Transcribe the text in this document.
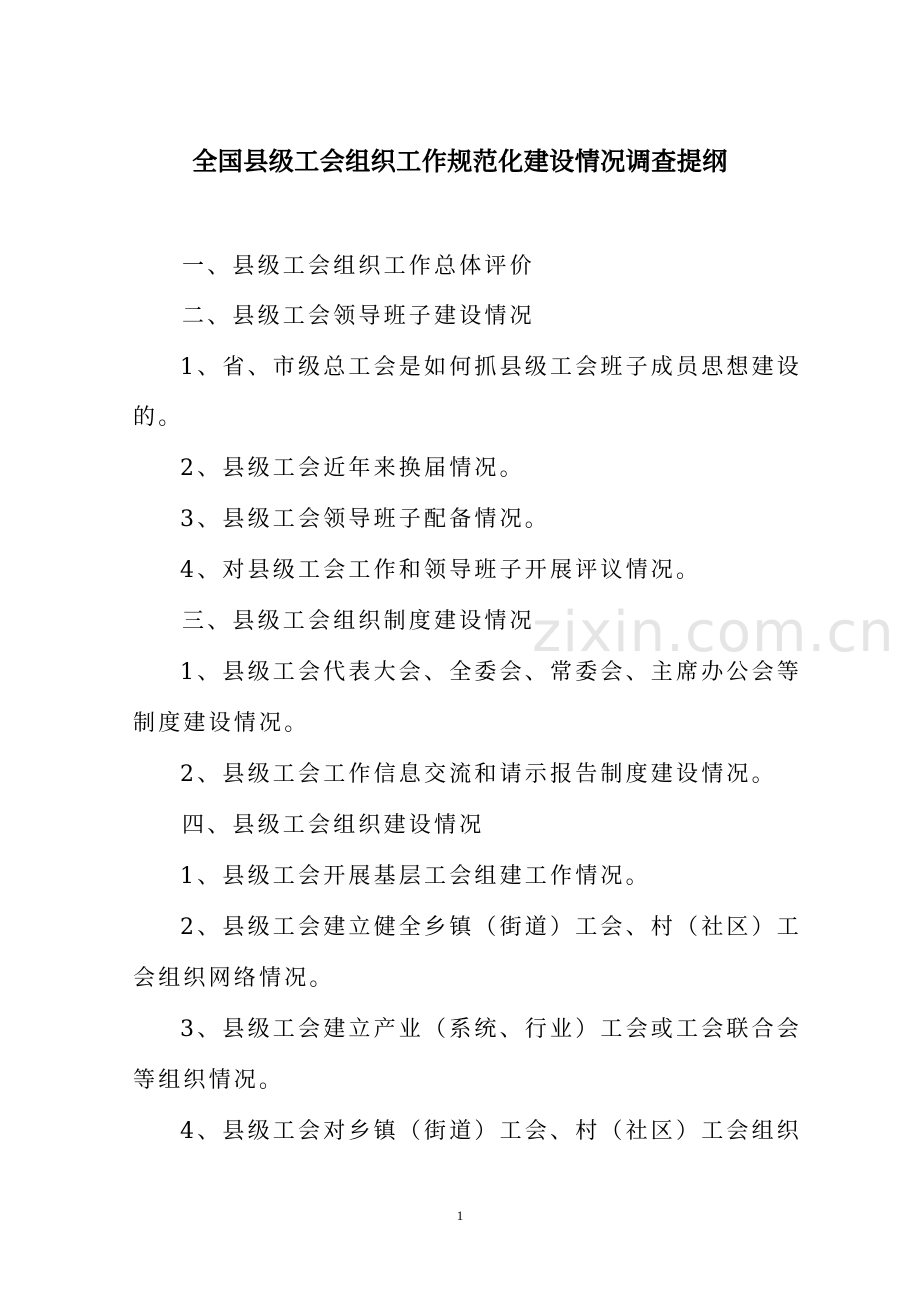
全国县级工会组织工作规范化建设情况调查提纲
一、县级工会组织工作总体评价
二、县级工会领导班子建设情况
1、省、市级总工会是如何抓县级工会班子成员思想建设
的。
2、县级工会近年来换届情况。
3、县级工会领导班子配备情况。
4、对县级工会工作和领导班子开展评议情况。
三、县级工会组织制度建设情况
1、县级工会代表大会、全委会、常委会、主席办公会等
制度建设情况。
2、县级工会工作信息交流和请示报告制度建设情况。
四、县级工会组织建设情况
1、县级工会开展基层工会组建工作情况。
2、县级工会建立健全乡镇（街道）工会、村（社区）工
会组织网络情况。
3、县级工会建立产业（系统、行业）工会或工会联合会
等组织情况。
4、县级工会对乡镇（街道）工会、村（社区）工会组织
zixin.com.cn
1
